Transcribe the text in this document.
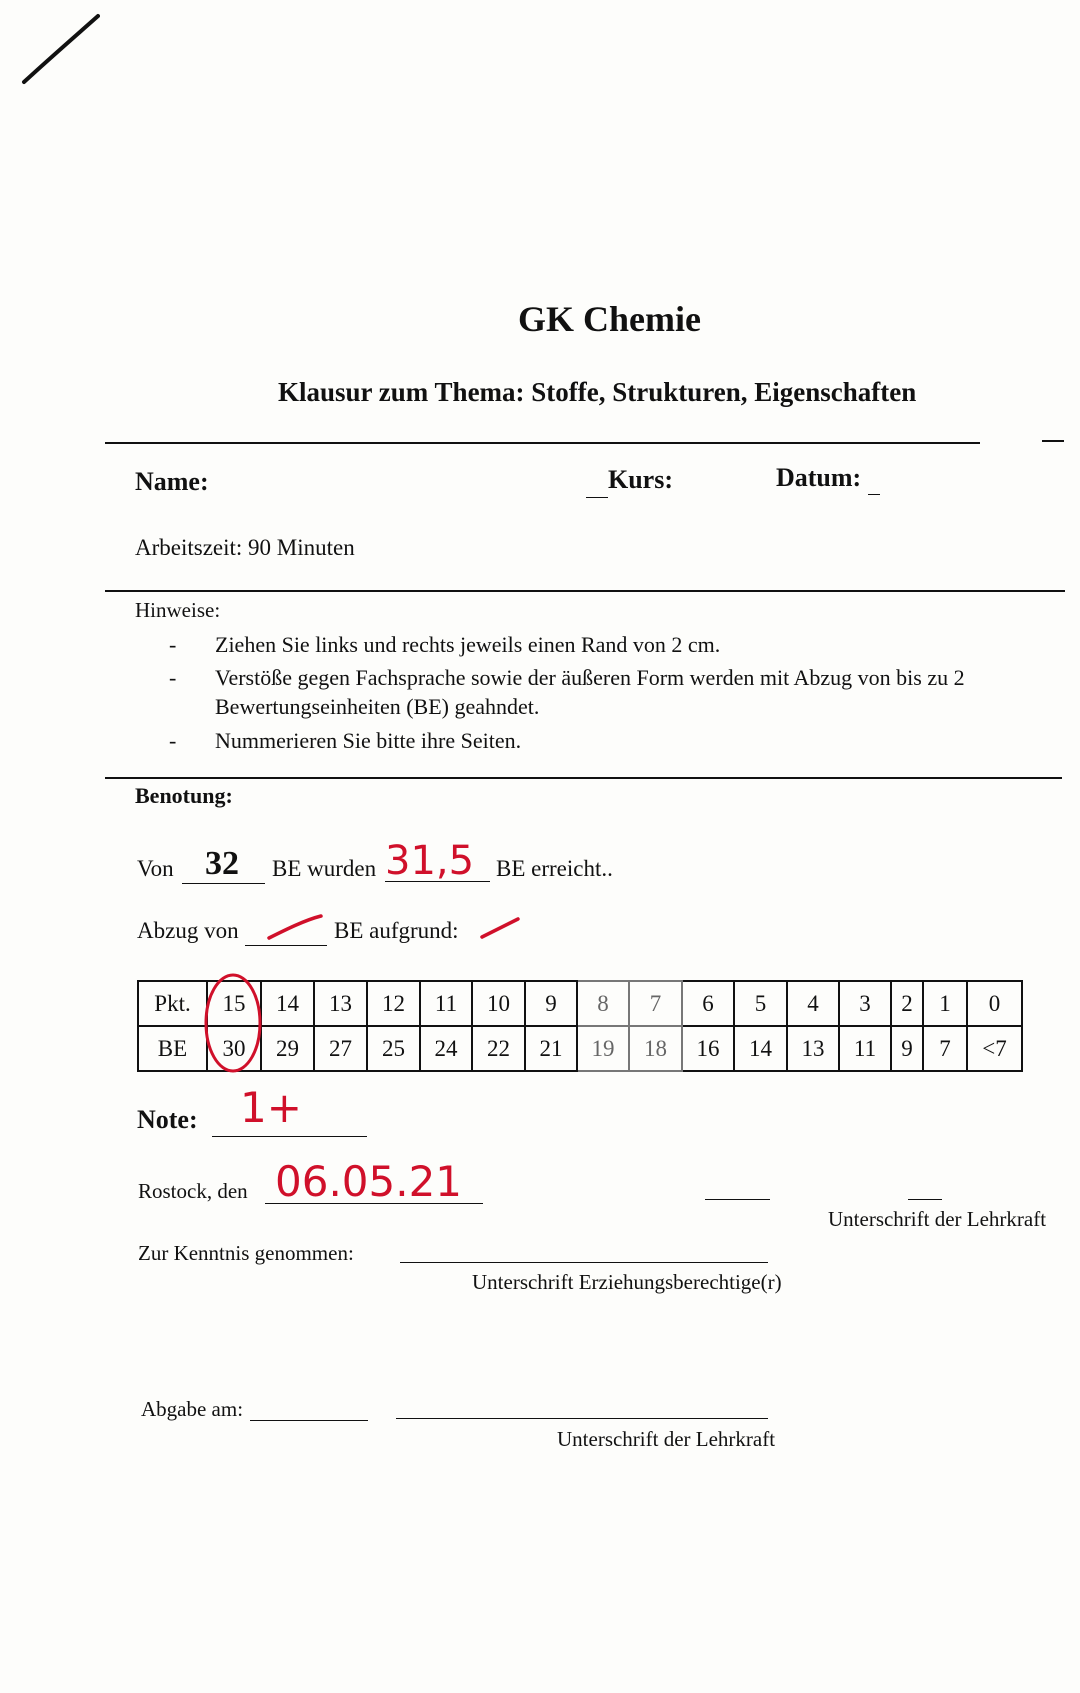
GK Chemie
Klausur zum Thema: Stoffe, Strukturen, Eigenschaften
Name:	Kurs:	Datum:
Arbeitszeit: 90 Minuten
Hinweise:
- Ziehen Sie links und rechts jeweils einen Rand von 2 cm.
- Verstöße gegen Fachsprache sowie der äußeren Form werden mit Abzug von bis zu 2
Bewertungseinheiten (BE) geahndet.
- Nummerieren Sie bitte ihre Seiten.
Benotung:
Von 32 BE wurden 31,5 BE erreicht..
Abzug von	BE aufgrund:
Pkt.	15	14	13	12	11	10	9	8	7	6	5	4	3	2	1	0
BE	30	29	27	25	24	22	21	19	18	16	14	13	11	9	7	<7
Note: 1+
Rostock, den 06.05.21
Unterschrift der Lehrkraft
Zur Kenntnis genommen:
Unterschrift Erziehungsberechtige(r)
Abgabe am:
Unterschrift der Lehrkraft
